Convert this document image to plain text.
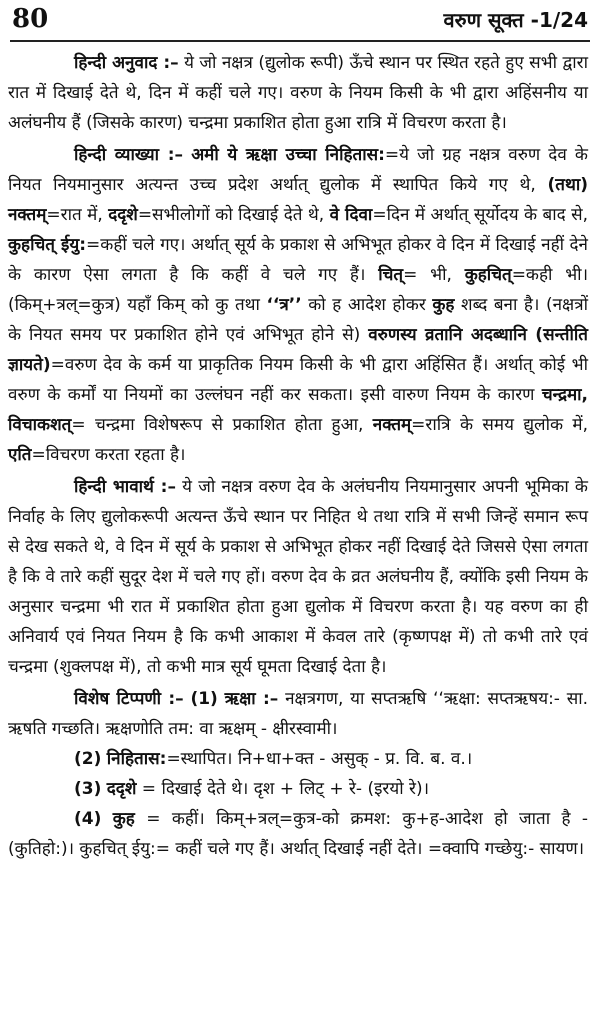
80	वरुण सूक्त -1/24

हिन्दी अनुवाद :– ये जो नक्षत्र (द्युलोक रूपी) ऊँचे स्थान पर स्थित रहते हुए सभी द्वारा रात में दिखाई देते थे, दिन में कहीं चले गए। वरुण के नियम किसी के भी द्वारा अहिंसनीय या अलंघनीय हैं (जिसके कारण) चन्द्रमा प्रकाशित होता हुआ रात्रि में विचरण करता है।

हिन्दी व्याख्या :– अमी ये ऋक्षा उच्चा निहितास:=ये जो ग्रह नक्षत्र वरुण देव के नियत नियमानुसार अत्यन्त उच्च प्रदेश अर्थात् द्युलोक में स्थापित किये गए थे, (तथा) नक्तम्=रात में, ददृशे=सभीलोगों को दिखाई देते थे, वे दिवा=दिन में अर्थात् सूर्योदय के बाद से, कुहचित् ईयु:=कहीं चले गए। अर्थात् सूर्य के प्रकाश से अभिभूत होकर वे दिन में दिखाई नहीं देने के कारण ऐसा लगता है कि कहीं वे चले गए हैं। चित्= भी, कुहचित्=कही भी। (किम्+त्रल्=कुत्र) यहाँ किम् को कु तथा ‘‘त्र’’ को ह आदेश होकर कुह शब्द बना है। (नक्षत्रों के नियत समय पर प्रकाशित होने एवं अभिभूत होने से) वरुणस्य व्रतानि अदब्धानि (सन्तीति ज्ञायते)=वरुण देव के कर्म या प्राकृतिक नियम किसी के भी द्वारा अहिंसित हैं। अर्थात् कोई भी वरुण के कर्मों या नियमों का उल्लंघन नहीं कर सकता। इसी वारुण नियम के कारण चन्द्रमा, विचाकशत्= चन्द्रमा विशेषरूप से प्रकाशित होता हुआ, नक्तम्=रात्रि के समय द्युलोक में, एति=विचरण करता रहता है।

हिन्दी भावार्थ :– ये जो नक्षत्र वरुण देव के अलंघनीय नियमानुसार अपनी भूमिका के निर्वाह के लिए द्युलोकरूपी अत्यन्त ऊँचे स्थान पर निहित थे तथा रात्रि में सभी जिन्हें समान रूप से देख सकते थे, वे दिन में सूर्य के प्रकाश से अभिभूत होकर नहीं दिखाई देते जिससे ऐसा लगता है कि वे तारे कहीं सुदूर देश में चले गए हों। वरुण देव के व्रत अलंघनीय हैं, क्योंकि इसी नियम के अनुसार चन्द्रमा भी रात में प्रकाशित होता हुआ द्युलोक में विचरण करता है। यह वरुण का ही अनिवार्य एवं नियत नियम है कि कभी आकाश में केवल तारे (कृष्णपक्ष में) तो कभी तारे एवं चन्द्रमा (शुक्लपक्ष में), तो कभी मात्र सूर्य घूमता दिखाई देता है।

विशेष टिप्पणी :– (1) ऋक्षा :– नक्षत्रगण, या सप्तऋषि ‘‘ऋक्षा: सप्तऋषय:- सा. ऋषति गच्छति। ऋक्षणोति तम: वा ऋक्षम् - क्षीरस्वामी।

(2) निहितास:=स्थापित। नि+धा+क्त - असुक् - प्र. वि. ब. व.।

(3) ददृशे = दिखाई देते थे। दृश + लिट् + रे- (इरयो रे)।

(4) कुह = कहीं। किम्+त्रल्=कुत्र-को क्रमश: कु+ह-आदेश हो जाता है - (कुतिहो:)। कुहचित् ईयु:= कहीं चले गए हैं। अर्थात् दिखाई नहीं देते। =क्वापि गच्छेयु:- सायण।
